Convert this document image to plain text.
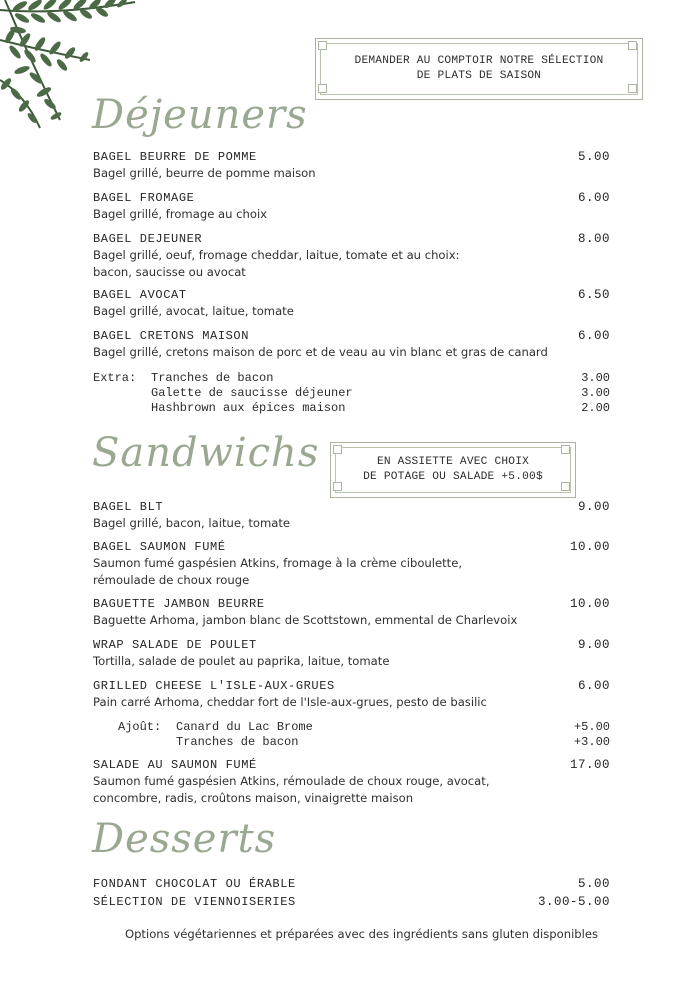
DEMANDER AU COMPTOIR NOTRE SÉLECTION
DE PLATS DE SAISON
Déjeuners
BAGEL BEURRE DE POMME	5.00
Bagel grillé, beurre de pomme maison
BAGEL FROMAGE	6.00
Bagel grillé, fromage au choix
BAGEL DEJEUNER	8.00
Bagel grillé, oeuf, fromage cheddar, laitue, tomate et au choix:
bacon, saucisse ou avocat
BAGEL AVOCAT	6.50
Bagel grillé, avocat, laitue, tomate
BAGEL CRETONS MAISON	6.00
Bagel grillé, cretons maison de porc et de veau au vin blanc et gras de canard
Extra:	Tranches de bacon	3.00
Galette de saucisse déjeuner	3.00
Hashbrown aux épices maison	2.00
Sandwichs	EN ASSIETTE AVEC CHOIX
DE POTAGE OU SALADE +5.00$
BAGEL BLT	9.00
Bagel grillé, bacon, laitue, tomate
BAGEL SAUMON FUMÉ	10.00
Saumon fumé gaspésien Atkins, fromage à la crème ciboulette,
rémoulade de choux rouge
BAGUETTE JAMBON BEURRE	10.00
Baguette Arhoma, jambon blanc de Scottstown, emmental de Charlevoix
WRAP SALADE DE POULET	9.00
Tortilla, salade de poulet au paprika, laitue, tomate
GRILLED CHEESE L'ISLE-AUX-GRUES	6.00
Pain carré Arhoma, cheddar fort de l'Isle-aux-grues, pesto de basilic
Ajoût:	Canard du Lac Brome	+5.00
Tranches de bacon	+3.00
SALADE AU SAUMON FUMÉ	17.00
Saumon fumé gaspésien Atkins, rémoulade de choux rouge, avocat,
concombre, radis, croûtons maison, vinaigrette maison
Desserts
FONDANT CHOCOLAT OU ÉRABLE	5.00
SÉLECTION DE VIENNOISERIES	3.00-5.00
Options végétariennes et préparées avec des ingrédients sans gluten disponibles
